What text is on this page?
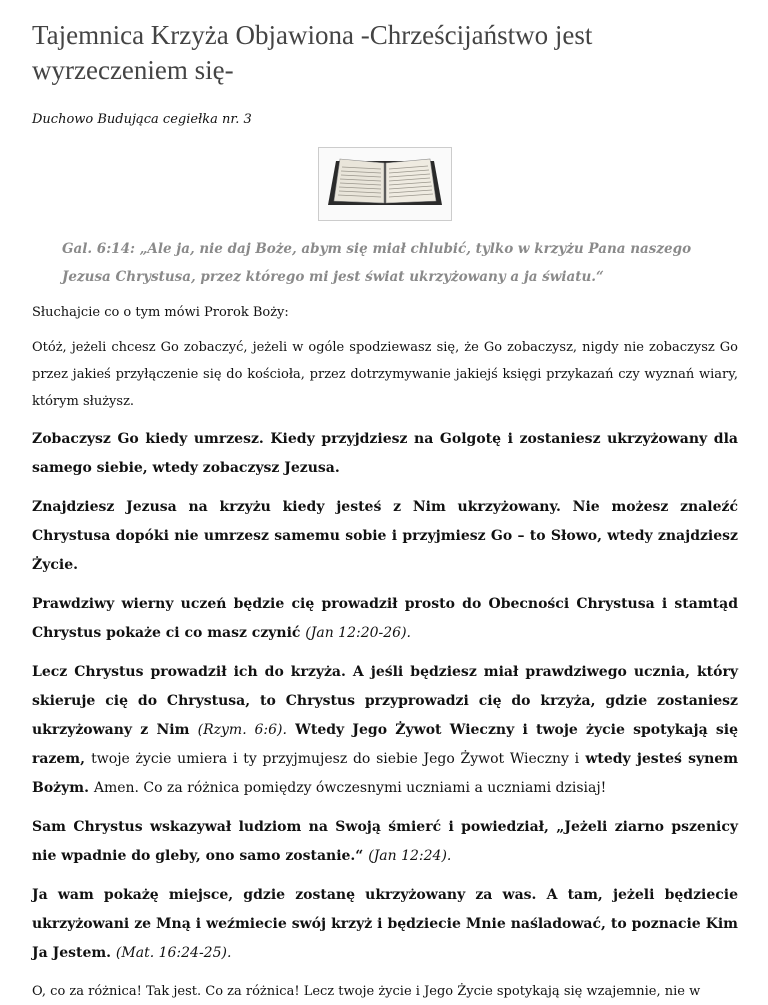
Tajemnica Krzyża Objawiona -Chrześcijaństwo jest wyrzeczeniem się-
Duchowo Budująca cegiełka nr. 3
Gal. 6:14: „Ale ja, nie daj Boże, abym się miał chlubić, tylko w krzyżu Pana naszego Jezusa Chrystusa, przez którego mi jest świat ukrzyżowany a ja światu.“

Słuchajcie co o tym mówi Prorok Boży:

Otóż, jeżeli chcesz Go zobaczyć, jeżeli w ogóle spodziewasz się, że Go zobaczysz, nigdy nie zobaczysz Go przez jakieś przyłączenie się do kościoła, przez dotrzymywanie jakiejś księgi przykazań czy wyznań wiary, którym służysz.

Zobaczysz Go kiedy umrzesz. Kiedy przyjdziesz na Golgotę i zostaniesz ukrzyżowany dla samego siebie, wtedy zobaczysz Jezusa.

Znajdziesz Jezusa na krzyżu kiedy jesteś z Nim ukrzyżowany. Nie możesz znaleźć Chrystusa dopóki nie umrzesz samemu sobie i przyjmiesz Go – to Słowo, wtedy znajdziesz Życie.

Prawdziwy wierny uczeń będzie cię prowadził prosto do Obecności Chrystusa i stamtąd Chrystus pokaże ci co masz czynić (Jan 12:20-26).

Lecz Chrystus prowadził ich do krzyża. A jeśli będziesz miał prawdziwego ucznia, który skieruje cię do Chrystusa, to Chrystus przyprowadzi cię do krzyża, gdzie zostaniesz ukrzyżowany z Nim (Rzym. 6:6). Wtedy Jego Żywot Wieczny i twoje życie spotykają się razem, twoje życie umiera i ty przyjmujesz do siebie Jego Żywot Wieczny i wtedy jesteś synem Bożym. Amen. Co za różnica pomiędzy ówczesnymi uczniami a uczniami dzisiaj!

Sam Chrystus wskazywał ludziom na Swoją śmierć i powiedział, „Jeżeli ziarno pszenicy nie wpadnie do gleby, ono samo zostanie.“ (Jan 12:24).

Ja wam pokażę miejsce, gdzie zostanę ukrzyżowany za was. A tam, jeżeli będziecie ukrzyżowani ze Mną i weźmiecie swój krzyż i będziecie Mnie naśladować, to poznacie Kim Ja Jestem. (Mat. 16:24-25).

O, co za różnica! Tak jest. Co za różnica! Lecz twoje życie i Jego Życie spotykają się wzajemnie, nie w
